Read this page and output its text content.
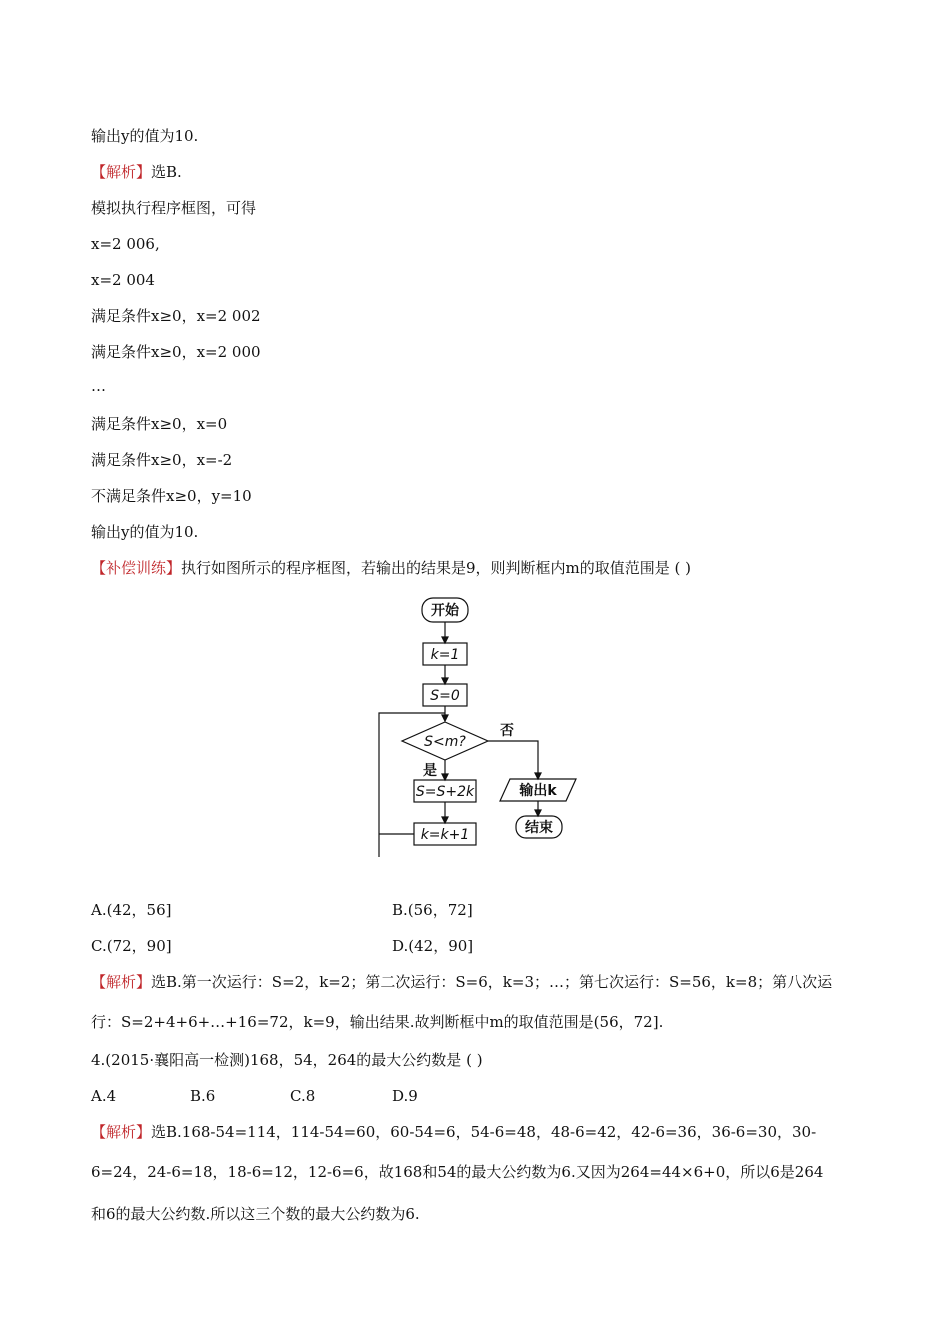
输出y的值为10.
【解析】选B.
模拟执行程序框图，可得
x=2 006,
x=2 004
满足条件x≥0，x=2 002
满足条件x≥0，x=2 000
…
满足条件x≥0，x=0
满足条件x≥0，x=-2
不满足条件x≥0，y=10
输出y的值为10.
【补偿训练】执行如图所示的程序框图，若输出的结果是9，则判断框内m的取值范围是 ( )
开始
k=1
S=0
S<m?
是
否
S=S+2k
k=k+1
输出k
结束
A.(42，56]	B.(56，72]
C.(72，90]	D.(42，90]
【解析】选B.第一次运行：S=2，k=2；第二次运行：S=6，k=3；…；第七次运行：S=56，k=8；第八次运
行：S=2+4+6+…+16=72，k=9，输出结果.故判断框中m的取值范围是(56，72].
4.(2015·襄阳高一检测)168，54，264的最大公约数是 ( )
A.4	B.6	C.8	D.9
【解析】选B.168-54=114，114-54=60，60-54=6，54-6=48，48-6=42，42-6=36，36-6=30，30-
6=24，24-6=18，18-6=12，12-6=6，故168和54的最大公约数为6.又因为264=44×6+0，所以6是264
和6的最大公约数.所以这三个数的最大公约数为6.
